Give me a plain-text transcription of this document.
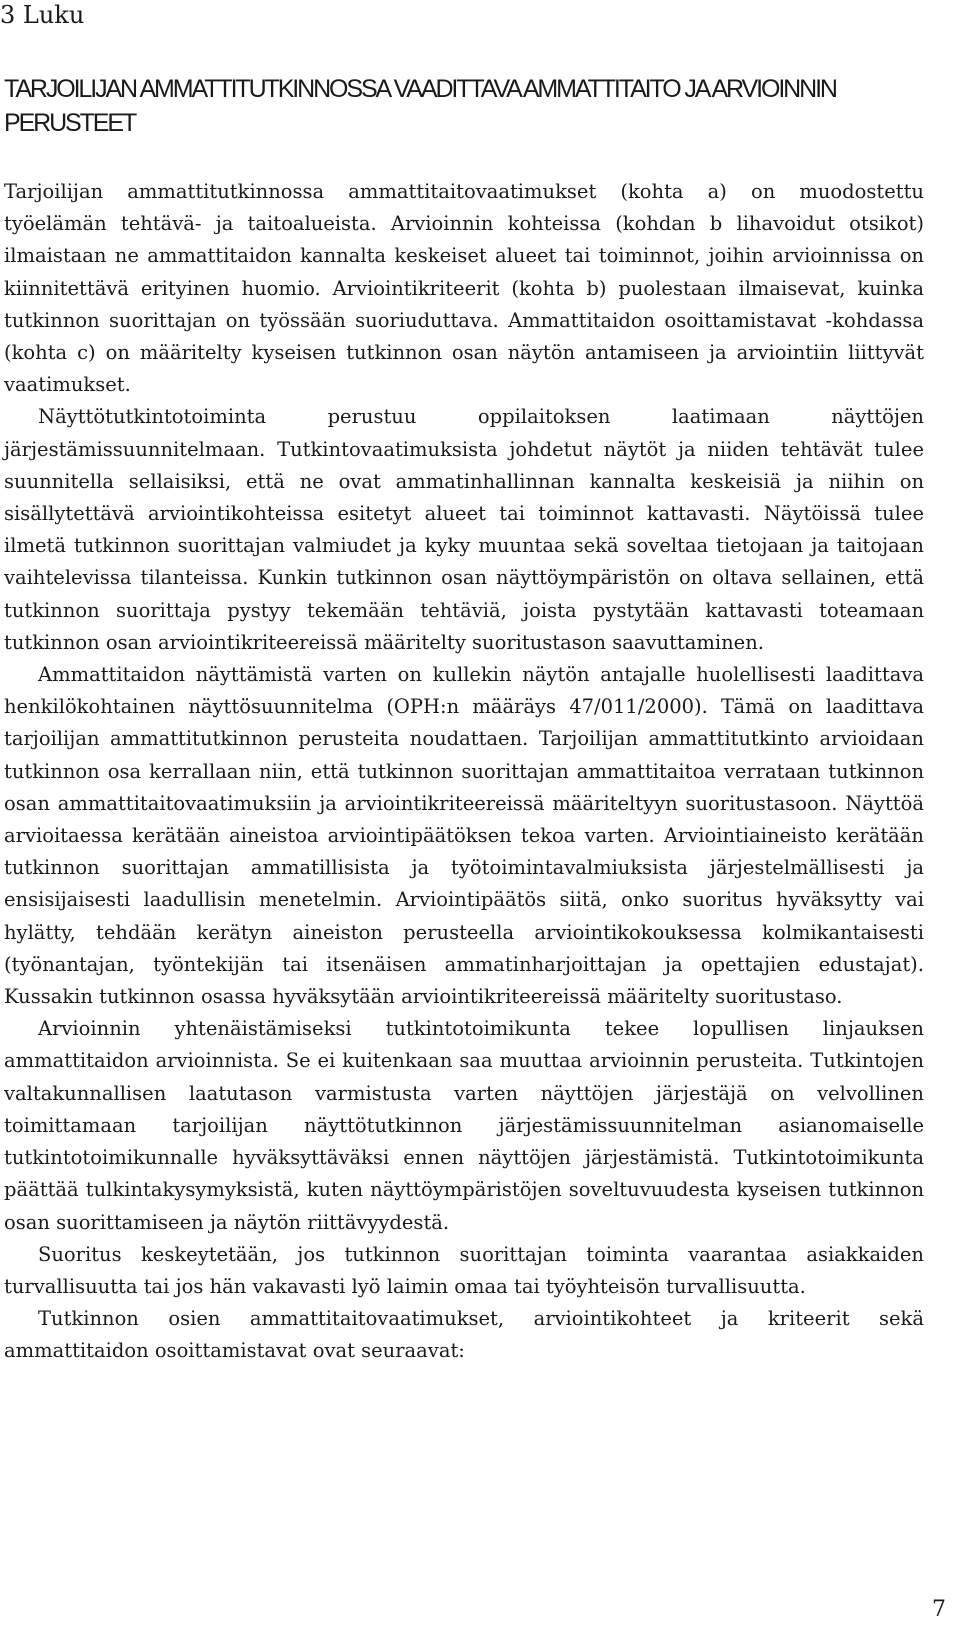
3 Luku
TARJOILIJAN AMMATTITUTKINNOSSA VAADITTAVA AMMATTITAITO JA ARVIOINNIN PERUSTEET

Tarjoilijan ammattitutkinnossa ammattitaitovaatimukset (kohta a) on muodostettu työelämän tehtävä- ja taitoalueista. Arvioinnin kohteissa (kohdan b lihavoidut otsikot) ilmaistaan ne ammattitaidon kannalta keskeiset alueet tai toiminnot, joihin arvioinnissa on kiinnitettävä erityinen huomio. Arviointikriteerit (kohta b) puolestaan ilmaisevat, kuinka tutkinnon suorittajan on työssään suoriuduttava. Ammattitaidon osoittamistavat -kohdassa (kohta c) on määritelty kyseisen tutkinnon osan näytön antamiseen ja arviointiin liittyvät vaatimukset.

Näyttötutkintotoiminta perustuu oppilaitoksen laatimaan näyttöjen järjestämissuunnitelmaan. Tutkintovaatimuksista johdetut näytöt ja niiden tehtävät tulee suunnitella sellaisiksi, että ne ovat ammatinhallinnan kannalta keskeisiä ja niihin on sisällytettävä arviointikohteissa esitetyt alueet tai toiminnot kattavasti. Näytöissä tulee ilmetä tutkinnon suorittajan valmiudet ja kyky muuntaa sekä soveltaa tietojaan ja taitojaan vaihtelevissa tilanteissa. Kunkin tutkinnon osan näyttöympäristön on oltava sellainen, että tutkinnon suorittaja pystyy tekemään tehtäviä, joista pystytään kattavasti toteamaan tutkinnon osan arviointikriteereissä määritelty suoritustason saavuttaminen.

Ammattitaidon näyttämistä varten on kullekin näytön antajalle huolellisesti laadittava henkilökohtainen näyttösuunnitelma (OPH:n määräys 47/011/2000). Tämä on laadittava tarjoilijan ammattitutkinnon perusteita noudattaen. Tarjoilijan ammattitutkinto arvioidaan tutkinnon osa kerrallaan niin, että tutkinnon suorittajan ammattitaitoa verrataan tutkinnon osan ammattitaitovaatimuksiin ja arviointikriteereissä määriteltyyn suoritustasoon. Näyttöä arvioitaessa kerätään aineistoa arviointipäätöksen tekoa varten. Arviointiaineisto kerätään tutkinnon suorittajan ammatillisista ja työtoimintavalmiuksista järjestelmällisesti ja ensisijaisesti laadullisin menetelmin. Arviointipäätös siitä, onko suoritus hyväksytty vai hylätty, tehdään kerätyn aineiston perusteella arviointikokouksessa kolmikantaisesti (työnantajan, työntekijän tai itsenäisen ammatinharjoittajan ja opettajien edustajat). Kussakin tutkinnon osassa hyväksytään arviointikriteereissä määritelty suoritustaso.

Arvioinnin yhtenäistämiseksi tutkintotoimikunta tekee lopullisen linjauksen ammattitaidon arvioinnista. Se ei kuitenkaan saa muuttaa arvioinnin perusteita. Tutkintojen valtakunnallisen laatutason varmistusta varten näyttöjen järjestäjä on velvollinen toimittamaan tarjoilijan näyttötutkinnon järjestämissuunnitelman asianomaiselle tutkintotoimikunnalle hyväksyttäväksi ennen näyttöjen järjestämistä. Tutkintotoimikunta päättää tulkintakysymyksistä, kuten näyttöympäristöjen soveltuvuudesta kyseisen tutkinnon osan suorittamiseen ja näytön riittävyydestä.

Suoritus keskeytetään, jos tutkinnon suorittajan toiminta vaarantaa asiakkaiden turvallisuutta tai jos hän vakavasti lyö laimin omaa tai työyhteisön turvallisuutta.

Tutkinnon osien ammattitaitovaatimukset, arviointikohteet ja kriteerit sekä ammattitaidon osoittamistavat ovat seuraavat:

7
